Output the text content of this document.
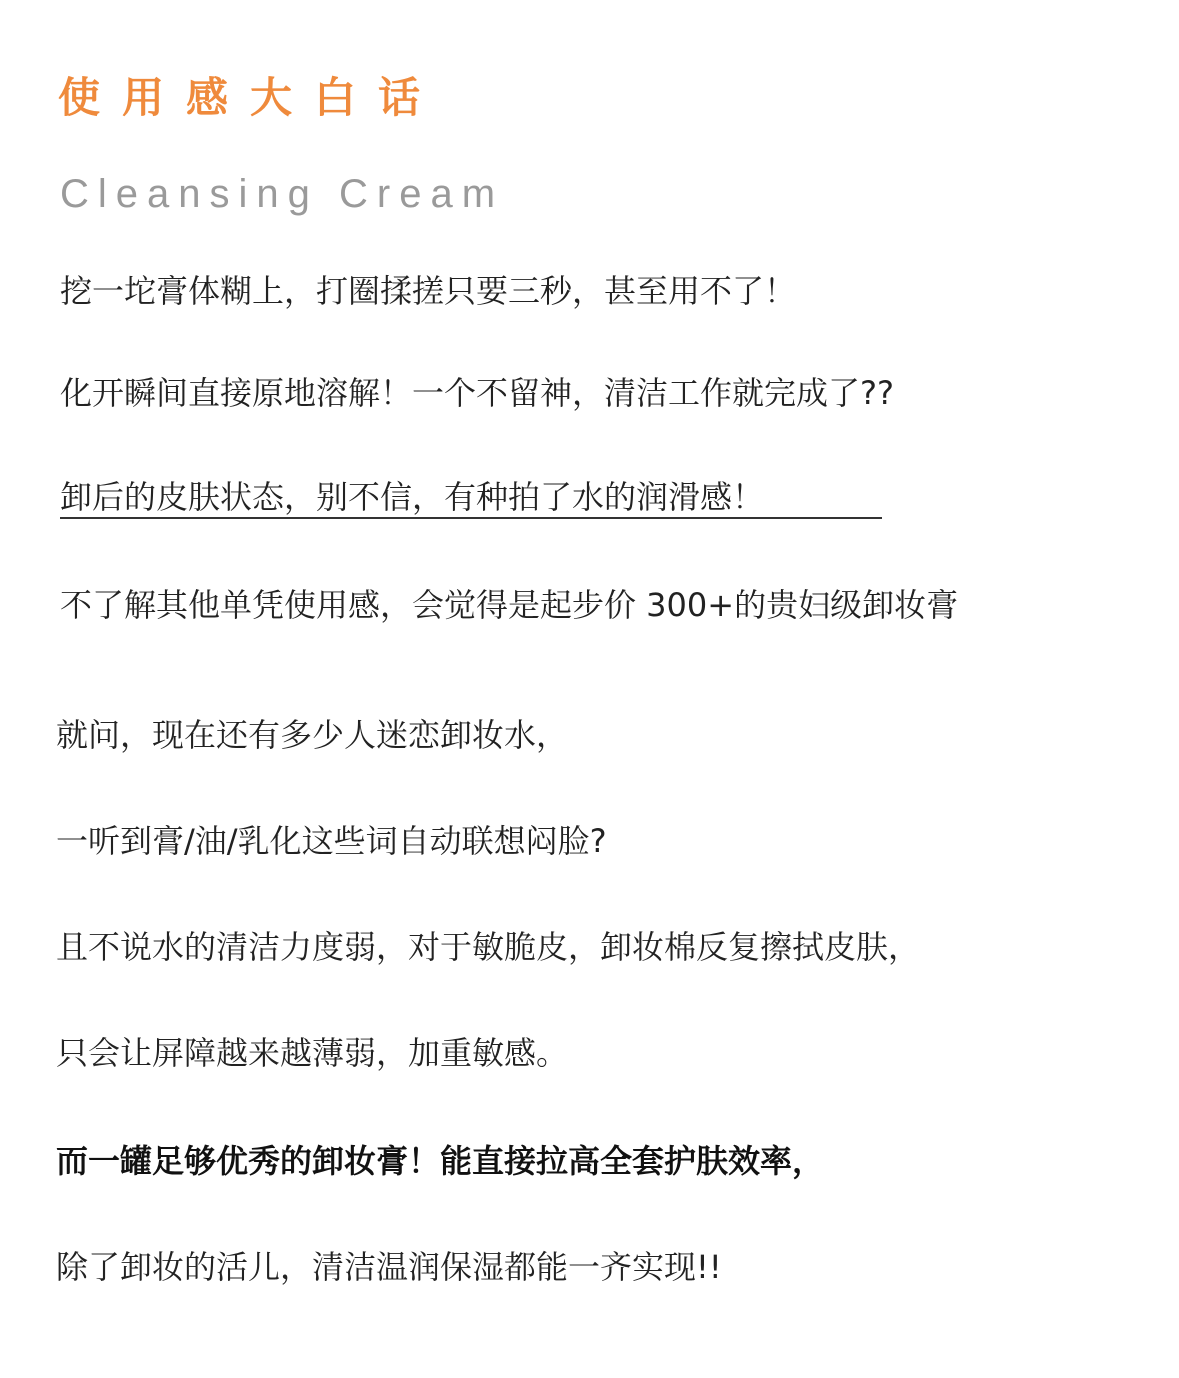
使用感大白话
Cleansing Cream

挖一坨膏体糊上，打圈揉搓只要三秒，甚至用不了！

化开瞬间直接原地溶解！一个不留神，清洁工作就完成了??

卸后的皮肤状态，别不信，有种拍了水的润滑感！

不了解其他单凭使用感，会觉得是起步价 300+的贵妇级卸妆膏

就问，现在还有多少人迷恋卸妆水，

一听到膏/油/乳化这些词自动联想闷脸?

且不说水的清洁力度弱，对于敏脆皮，卸妆棉反复擦拭皮肤，

只会让屏障越来越薄弱，加重敏感。

而一罐足够优秀的卸妆膏！能直接拉高全套护肤效率，

除了卸妆的活儿，清洁温润保湿都能一齐实现!!
